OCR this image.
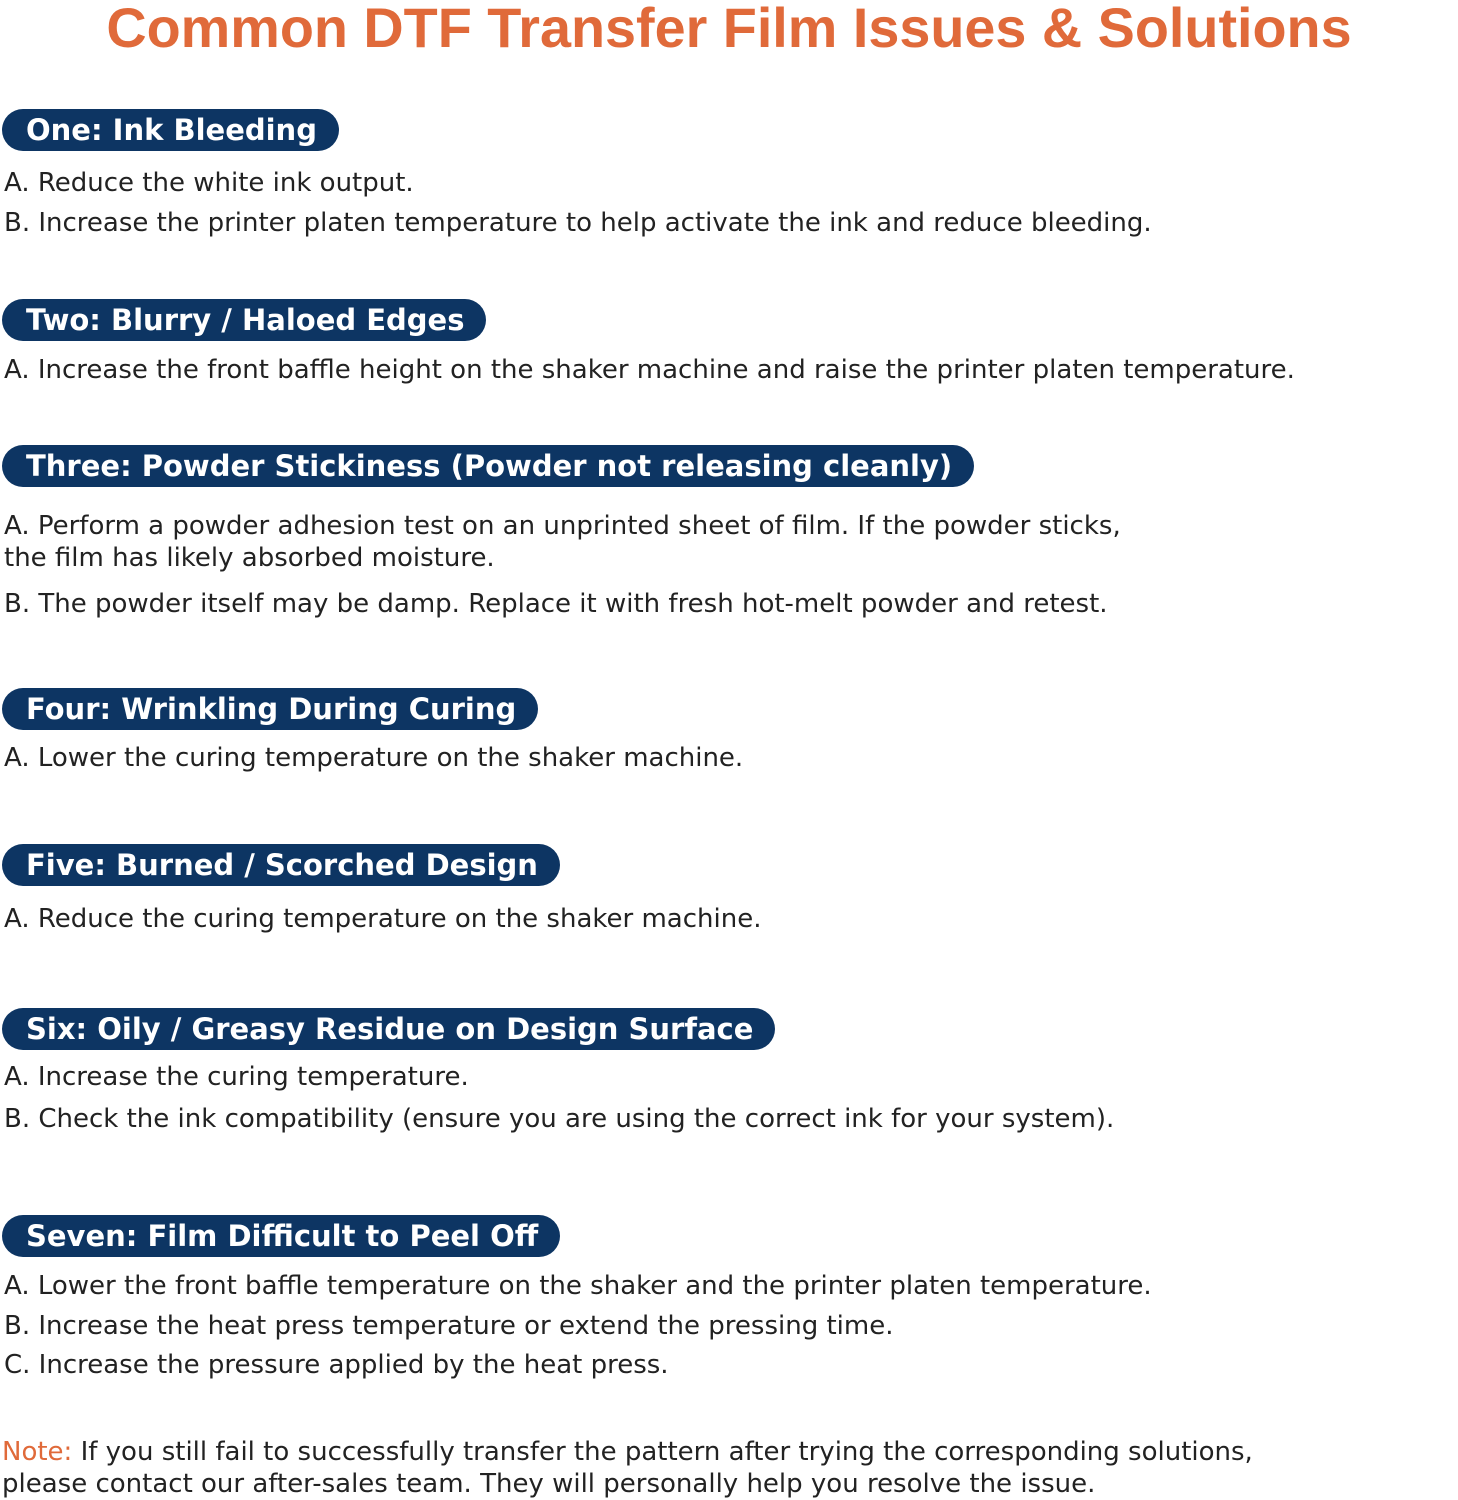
Common DTF Transfer Film Issues & Solutions
One: Ink Bleeding
A. Reduce the white ink output.
B. Increase the printer platen temperature to help activate the ink and reduce bleeding.
Two: Blurry / Haloed Edges
A. Increase the front baffle height on the shaker machine and raise the printer platen temperature.
Three: Powder Stickiness (Powder not releasing cleanly)
A. Perform a powder adhesion test on an unprinted sheet of film. If the powder sticks,
the film has likely absorbed moisture.
B. The powder itself may be damp. Replace it with fresh hot-melt powder and retest.
Four: Wrinkling During Curing
A. Lower the curing temperature on the shaker machine.
Five: Burned / Scorched Design
A. Reduce the curing temperature on the shaker machine.
Six: Oily / Greasy Residue on Design Surface
A. Increase the curing temperature.
B. Check the ink compatibility (ensure you are using the correct ink for your system).
Seven: Film Difficult to Peel Off
A. Lower the front baffle temperature on the shaker and the printer platen temperature.
B. Increase the heat press temperature or extend the pressing time.
C. Increase the pressure applied by the heat press.
Note: If you still fail to successfully transfer the pattern after trying the corresponding solutions,
please contact our after-sales team. They will personally help you resolve the issue.
